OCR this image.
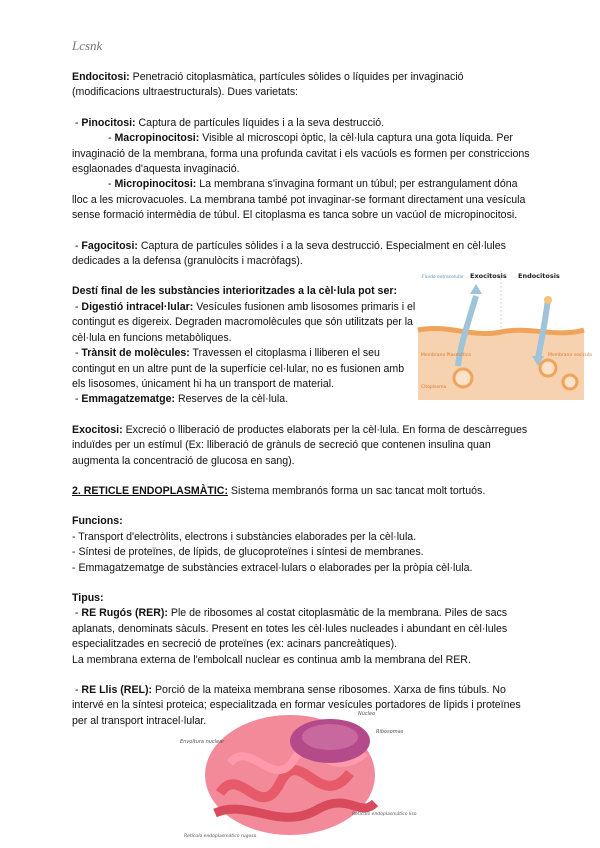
Lcsnk

Endocitosi: Penetració citoplasmàtica, partícules sòlides o líquides per invaginació (modificacions ultraestructurals). Dues varietats:

- Pinocitosi: Captura de partícules líquides i a la seva destrucció.

- Macropinocitosi: Visible al microscopi òptic, la cèl·lula captura una gota líquida. Per invaginació de la membrana, forma una profunda cavitat i els vacúols es formen per constriccions esglaonades d'aquesta invaginació.

- Micropinocitosi: La membrana s'invagina formant un túbul; per estrangulament dóna lloc a les microvacuoles. La membrana també pot invaginar-se formant directament una vesícula sense formació intermèdia de túbul. El citoplasma es tanca sobre un vacúol de micropinocitosi.

- Fagocitosi: Captura de partícules sòlides i a la seva destrucció. Especialment en cèl·lules dedicades a la defensa (granulòcits i macròfags).

Destí final de les substàncies interioritzades a la cèl·lula pot ser:

- Digestió intracel·lular: Vesícules fusionen amb lisosomes primaris i el contingut es digereix. Degraden macromolècules que són utilitzats per la cèl·lula en funcions metabòliques.

- Trànsit de molècules: Travessen el citoplasma i lliberen el seu contingut en un altre punt de la superfície cel·lular, no es fusionen amb els lisosomes, únicament hi ha un transport de material.

- Emmagatzematge: Reserves de la cèl·lula.

Exocitosi: Excreció o lliberació de productes elaborats per la cèl·lula. En forma de descàrregues induïdes per un estímul (Ex: lliberació de grànuls de secreció que contenen insulina quan augmenta la concentració de glucosa en sang).

2. RETICLE ENDOPLASMÀTIC: Sistema membranós forma un sac tancat molt tortuós.

Funcions:

- Transport d'electròlits, electrons i substàncies elaborades per la cèl·lula.

- Síntesi de proteïnes, de lípids, de glucoproteïnes i síntesi de membranes.

- Emmagatzematge de substàncies extracel·lulars o elaborades per la pròpia cèl·lula.

Tipus:

- RE Rugós (RER): Ple de ribosomes al costat citoplasmàtic de la membrana. Piles de sacs aplanats, denominats sàculs. Present en totes les cèl·lules nucleades i abundant en cèl·lules especialitzades en secreció de proteïnes (ex: acinars pancreàtiques).

La membrana externa de l'embolcall nuclear es continua amb la membrana del RER.

- RE Llis (REL): Porció de la mateixa membrana sense ribosomes. Xarxa de fins túbuls. No intervé en la síntesi proteica; especialitzada en formar vesícules portadores de lípids i proteïnes per al transport intracel·lular.

Fluido extracelular Exocitosis Endocitosis
Membrana Plasmática
Citoplasma
Membrana vesícula
Envoltura nuclear
Núcleo
Ribosomas
Retículo endoplasmático liso
Retículo endoplasmático rugoso
